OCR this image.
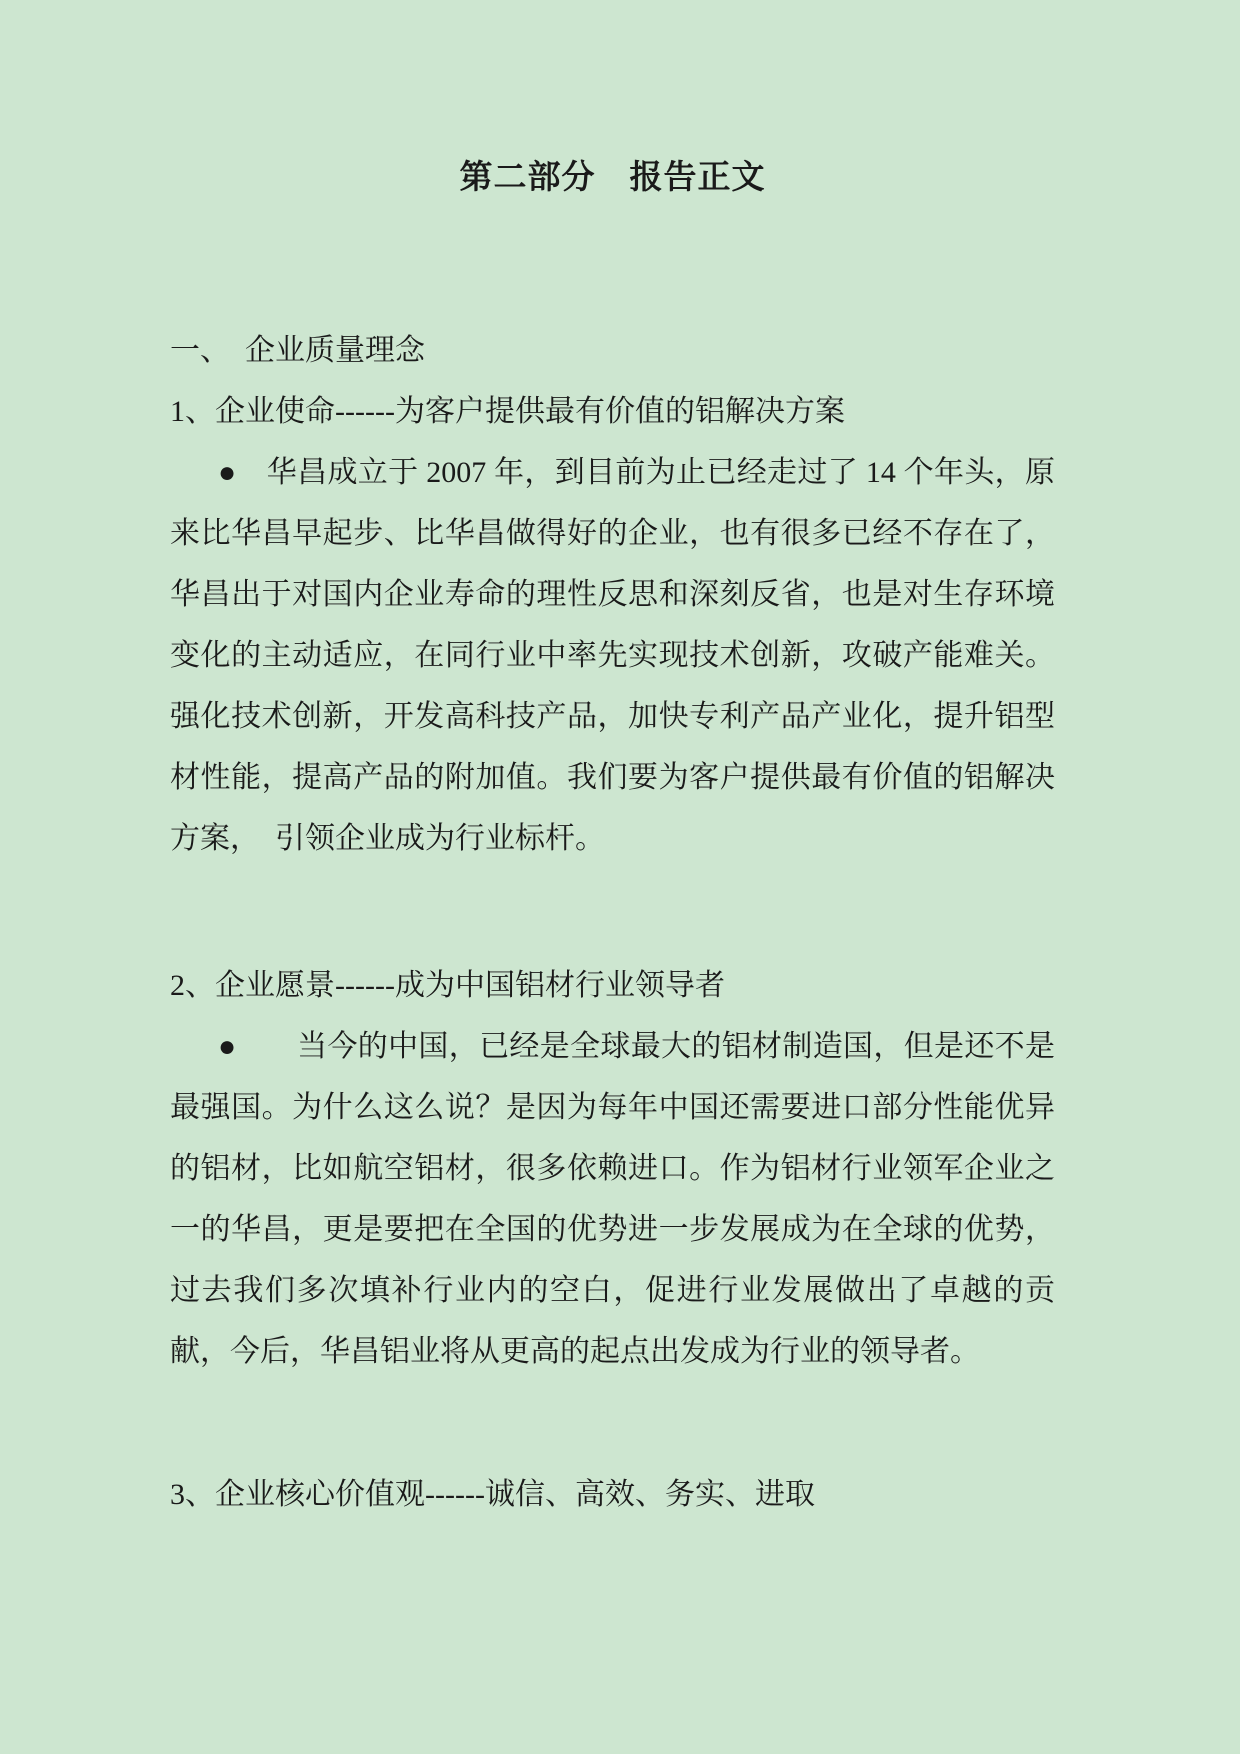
第二部分　报告正文
一、　企业质量理念
1、企业使命------为客户提供最有价值的铝解决方案

●　华昌成立于 2007 年，到目前为止已经走过了 14 个年头，原来比华昌早起步、比华昌做得好的企业，也有很多已经不存在了，华昌出于对国内企业寿命的理性反思和深刻反省，也是对生存环境变化的主动适应，在同行业中率先实现技术创新，攻破产能难关。强化技术创新，开发高科技产品，加快专利产品产业化，提升铝型材性能，提高产品的附加值。我们要为客户提供最有价值的铝解决方案，　引领企业成为行业标杆。

2、企业愿景------成为中国铝材行业领导者

●　　当今的中国，已经是全球最大的铝材制造国，但是还不是最强国。为什么这么说？是因为每年中国还需要进口部分性能优异的铝材，比如航空铝材，很多依赖进口。作为铝材行业领军企业之一的华昌，更是要把在全国的优势进一步发展成为在全球的优势，过去我们多次填补行业内的空白，促进行业发展做出了卓越的贡献，今后，华昌铝业将从更高的起点出发成为行业的领导者。

3、企业核心价值观------诚信、高效、务实、进取
